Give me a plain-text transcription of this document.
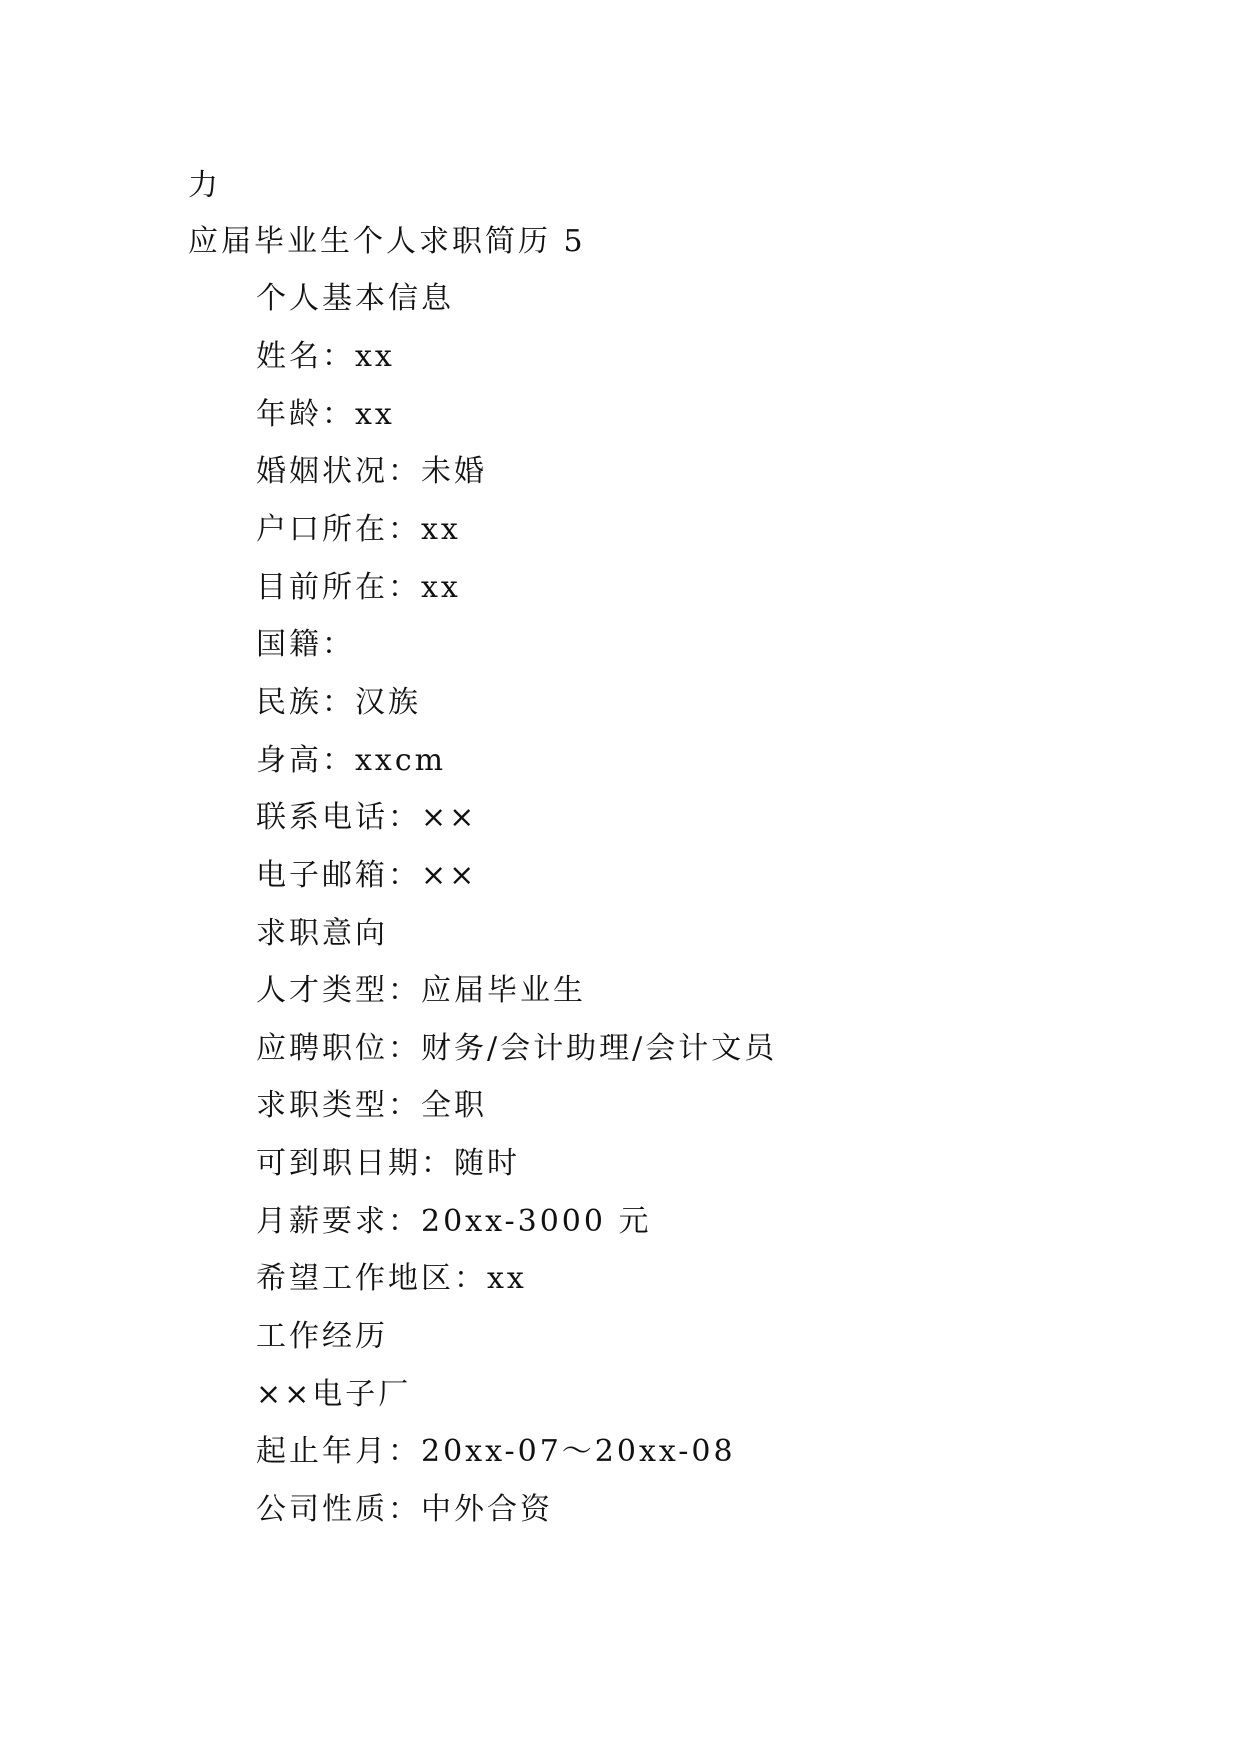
力
应届毕业生个人求职简历 5
个人基本信息
姓名：xx
年龄：xx
婚姻状况：未婚
户口所在：xx
目前所在：xx
国籍：
民族：汉族
身高：xxcm
联系电话：××
电子邮箱：××
求职意向
人才类型：应届毕业生
应聘职位：财务/会计助理/会计文员
求职类型：全职
可到职日期：随时
月薪要求：20xx-3000 元
希望工作地区：xx
工作经历
××电子厂
起止年月：20xx-07～20xx-08
公司性质：中外合资
